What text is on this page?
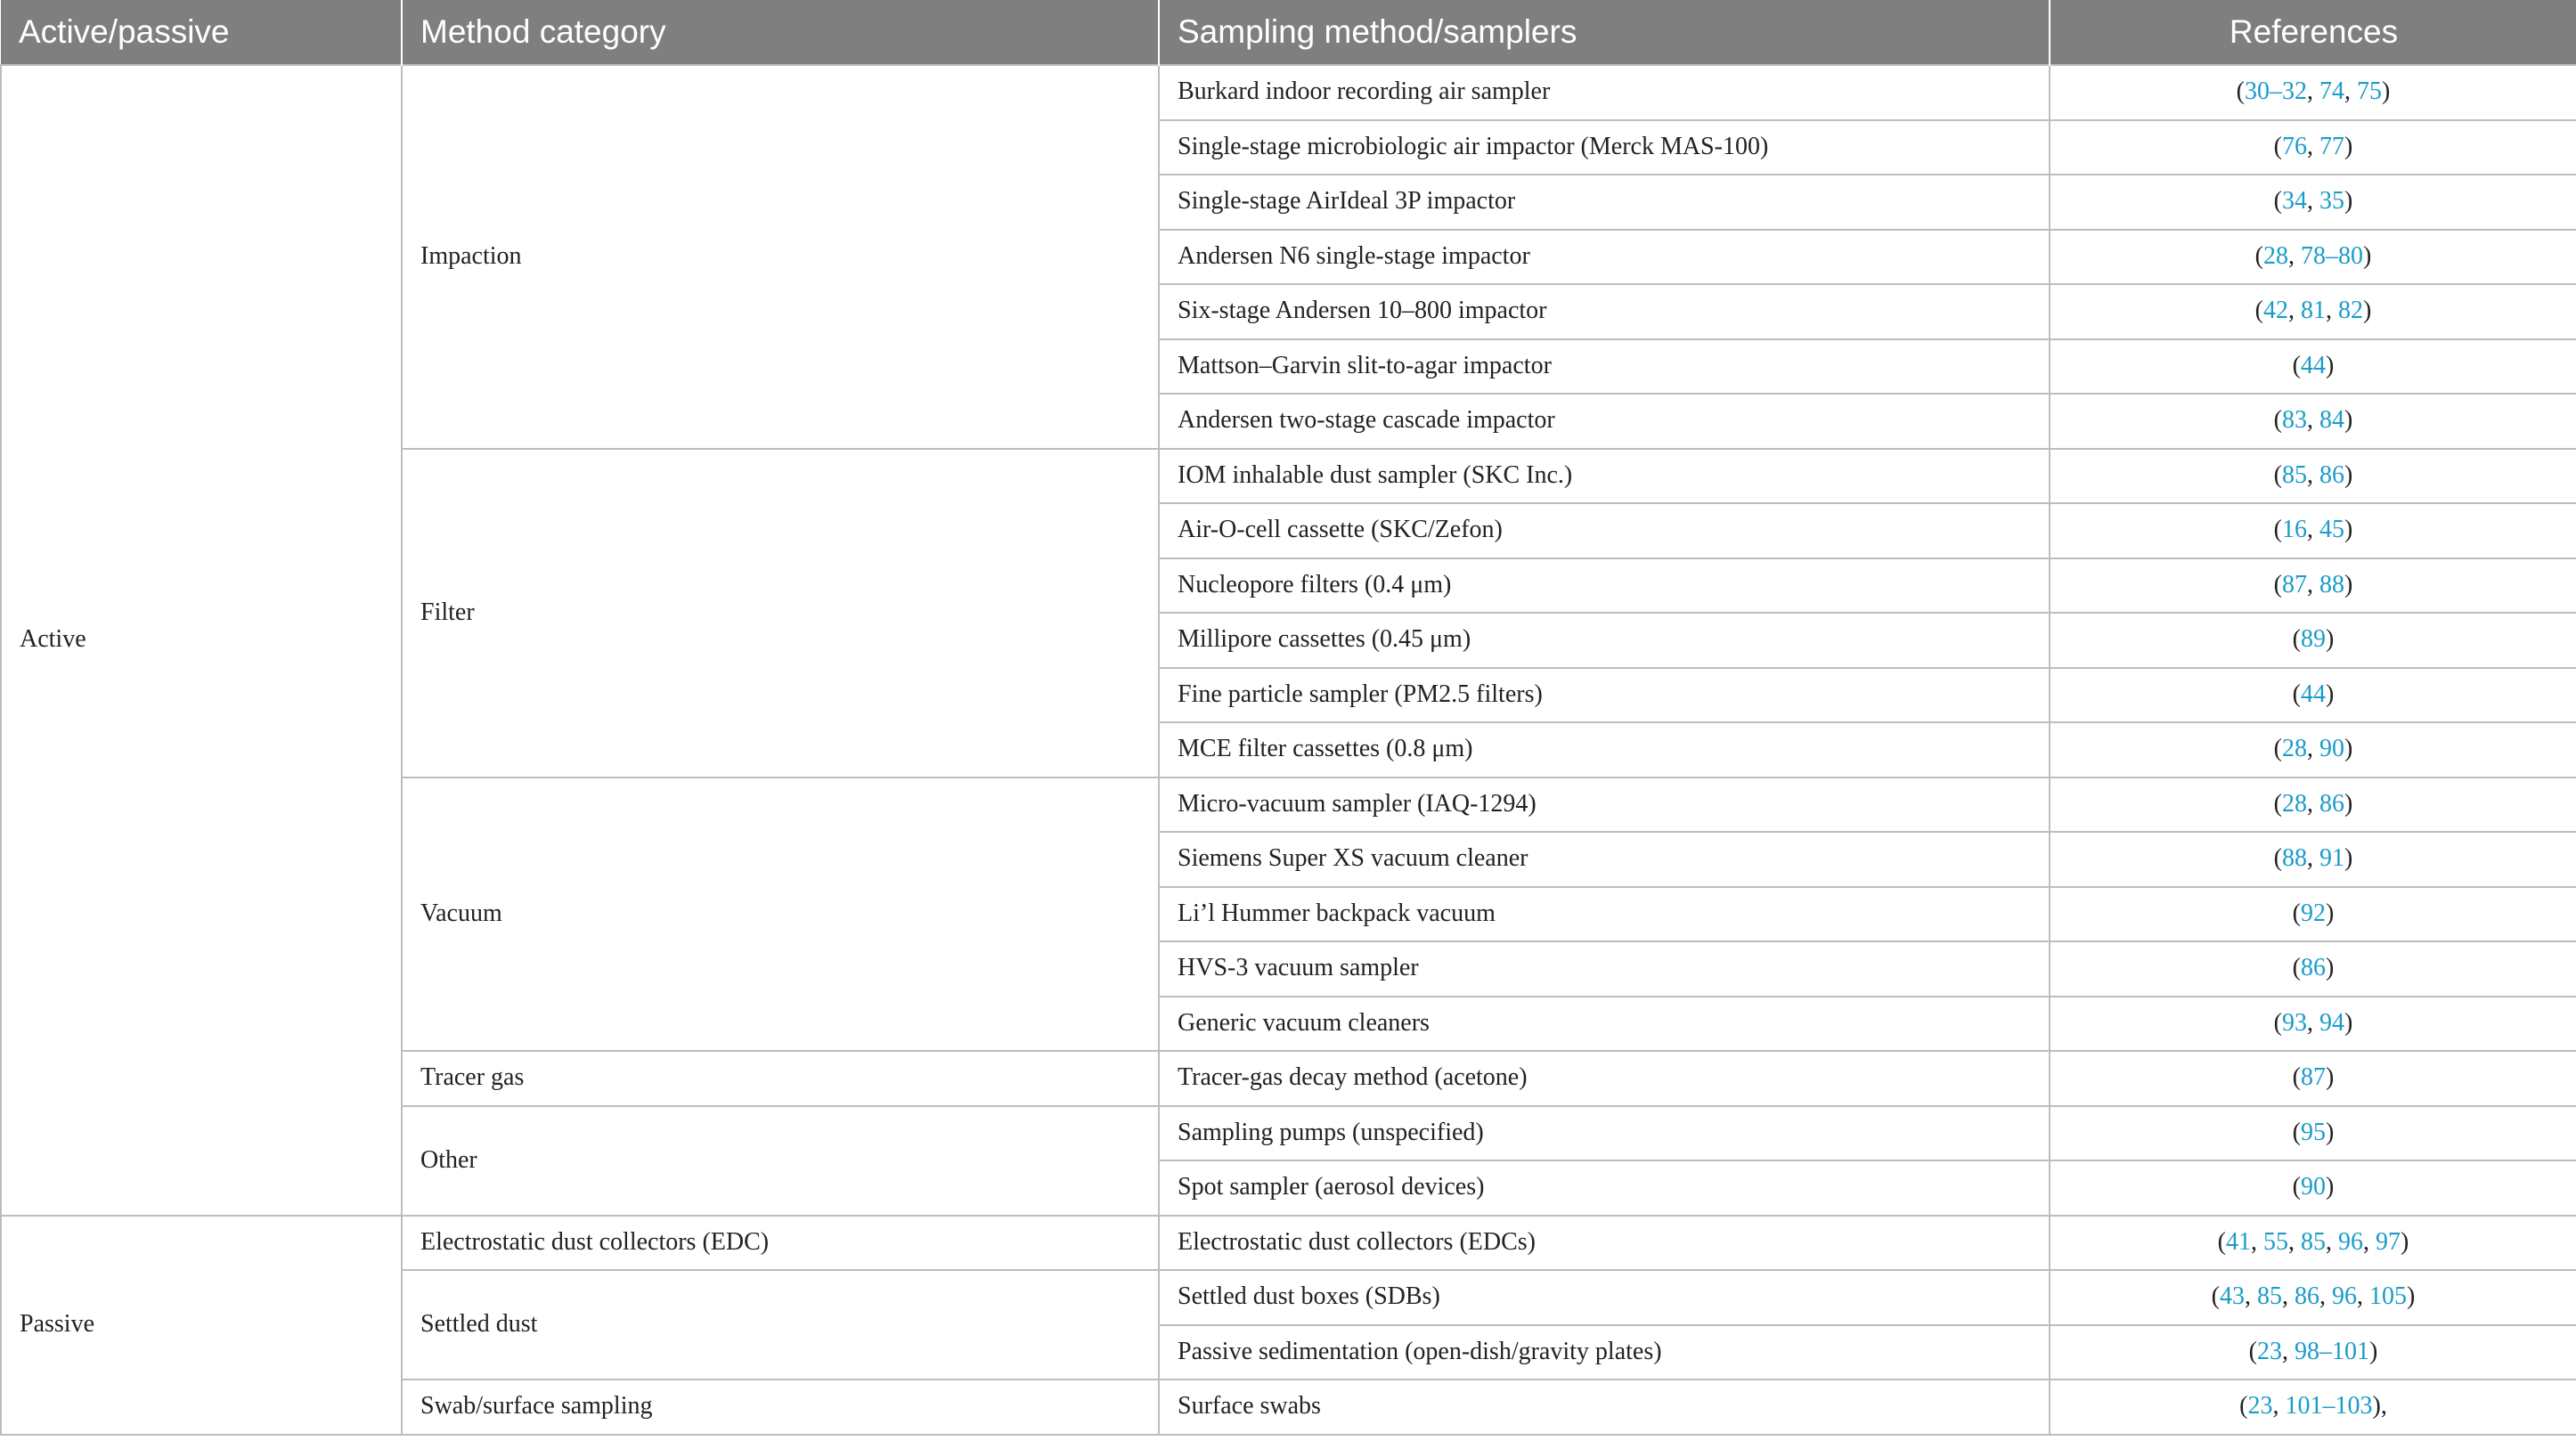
Active/passive	Method category	Sampling method/samplers	References
Active	Impaction	Burkard indoor recording air sampler	(30–32, 74, 75)
		Single-stage microbiologic air impactor (Merck MAS-100)	(76, 77)
		Single-stage AirIdeal 3P impactor	(34, 35)
		Andersen N6 single-stage impactor	(28, 78–80)
		Six-stage Andersen 10–800 impactor	(42, 81, 82)
		Mattson–Garvin slit-to-agar impactor	(44)
		Andersen two-stage cascade impactor	(83, 84)
	Filter	IOM inhalable dust sampler (SKC Inc.)	(85, 86)
		Air-O-cell cassette (SKC/Zefon)	(16, 45)
		Nucleopore filters (0.4 μm)	(87, 88)
		Millipore cassettes (0.45 μm)	(89)
		Fine particle sampler (PM2.5 filters)	(44)
		MCE filter cassettes (0.8 μm)	(28, 90)
	Vacuum	Micro-vacuum sampler (IAQ-1294)	(28, 86)
		Siemens Super XS vacuum cleaner	(88, 91)
		Li’l Hummer backpack vacuum	(92)
		HVS-3 vacuum sampler	(86)
		Generic vacuum cleaners	(93, 94)
	Tracer gas	Tracer-gas decay method (acetone)	(87)
	Other	Sampling pumps (unspecified)	(95)
		Spot sampler (aerosol devices)	(90)
Passive	Electrostatic dust collectors (EDC)	Electrostatic dust collectors (EDCs)	(41, 55, 85, 96, 97)
	Settled dust	Settled dust boxes (SDBs)	(43, 85, 86, 96, 105)
		Passive sedimentation (open-dish/gravity plates)	(23, 98–101)
	Swab/surface sampling	Surface swabs	(23, 101–103),
